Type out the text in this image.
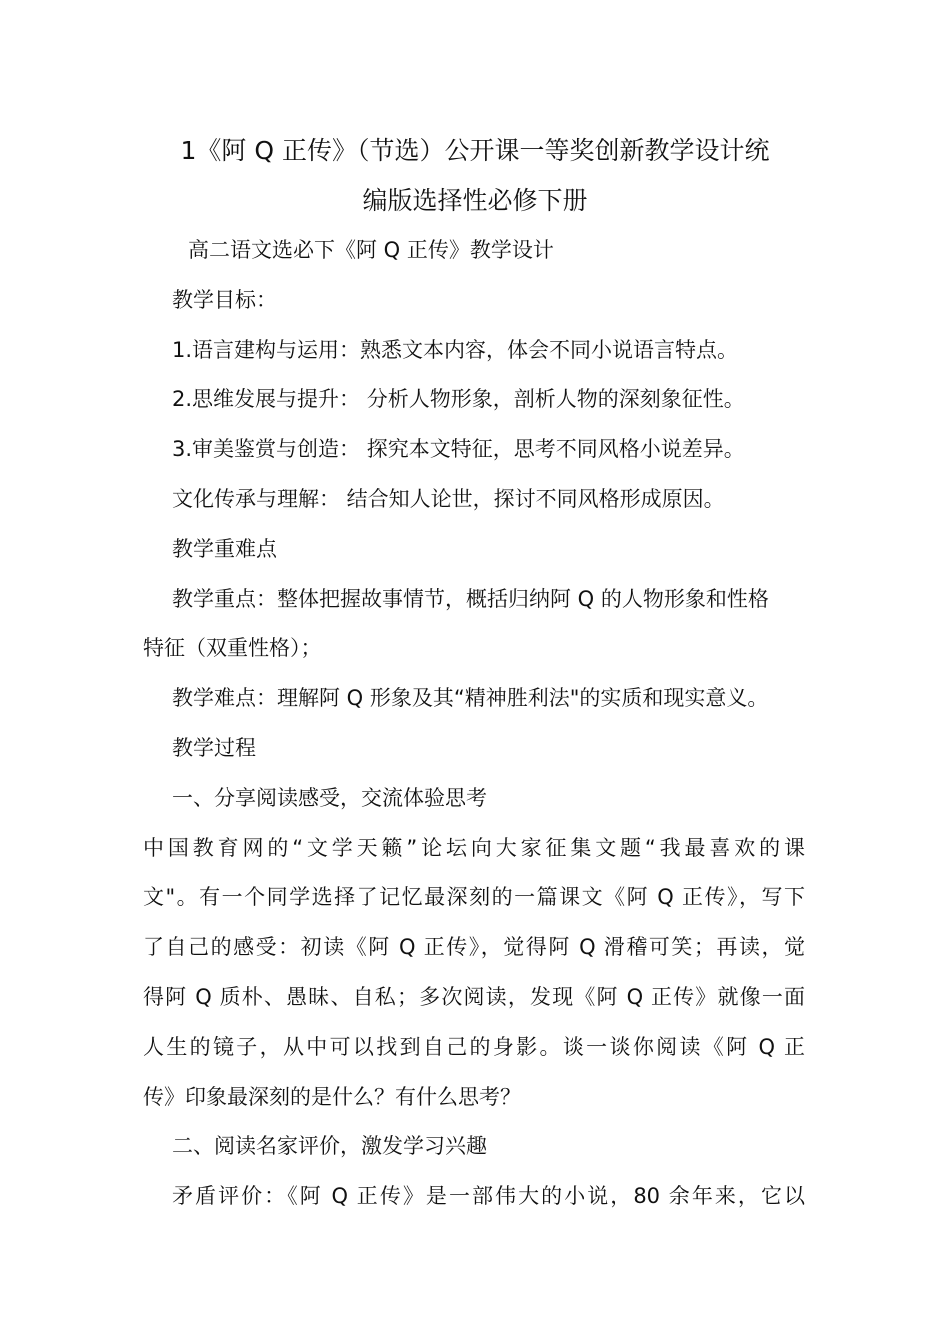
1《阿 Q 正传》（节选）公开课一等奖创新教学设计统
编版选择性必修下册
高二语文选必下《阿 Q 正传》教学设计
教学目标：
1.语言建构与运用：熟悉文本内容，体会不同小说语言特点。
2.思维发展与提升： 分析人物形象，剖析人物的深刻象征性。
3.审美鉴赏与创造： 探究本文特征，思考不同风格小说差异。
文化传承与理解： 结合知人论世，探讨不同风格形成原因。
教学重难点
教学重点：整体把握故事情节，概括归纳阿 Q 的人物形象和性格
特征（双重性格）；
教学难点：理解阿 Q 形象及其“精神胜利法"的实质和现实意义。
教学过程
一、分享阅读感受，交流体验思考
中国教育网的“文学天籁”论坛向大家征集文题“我最喜欢的课
文"。有一个同学选择了记忆最深刻的一篇课文《阿 Q 正传》，写下
了自己的感受：初读《阿 Q 正传》，觉得阿 Q 滑稽可笑；再读，觉
得阿 Q 质朴、愚昧、自私；多次阅读，发现《阿 Q 正传》就像一面
人生的镜子，从中可以找到自己的身影。谈一谈你阅读《阿 Q 正
传》印象最深刻的是什么？有什么思考？
二、阅读名家评价，激发学习兴趣
矛盾评价：《阿 Q 正传》是一部伟大的小说，80 余年来，它以
